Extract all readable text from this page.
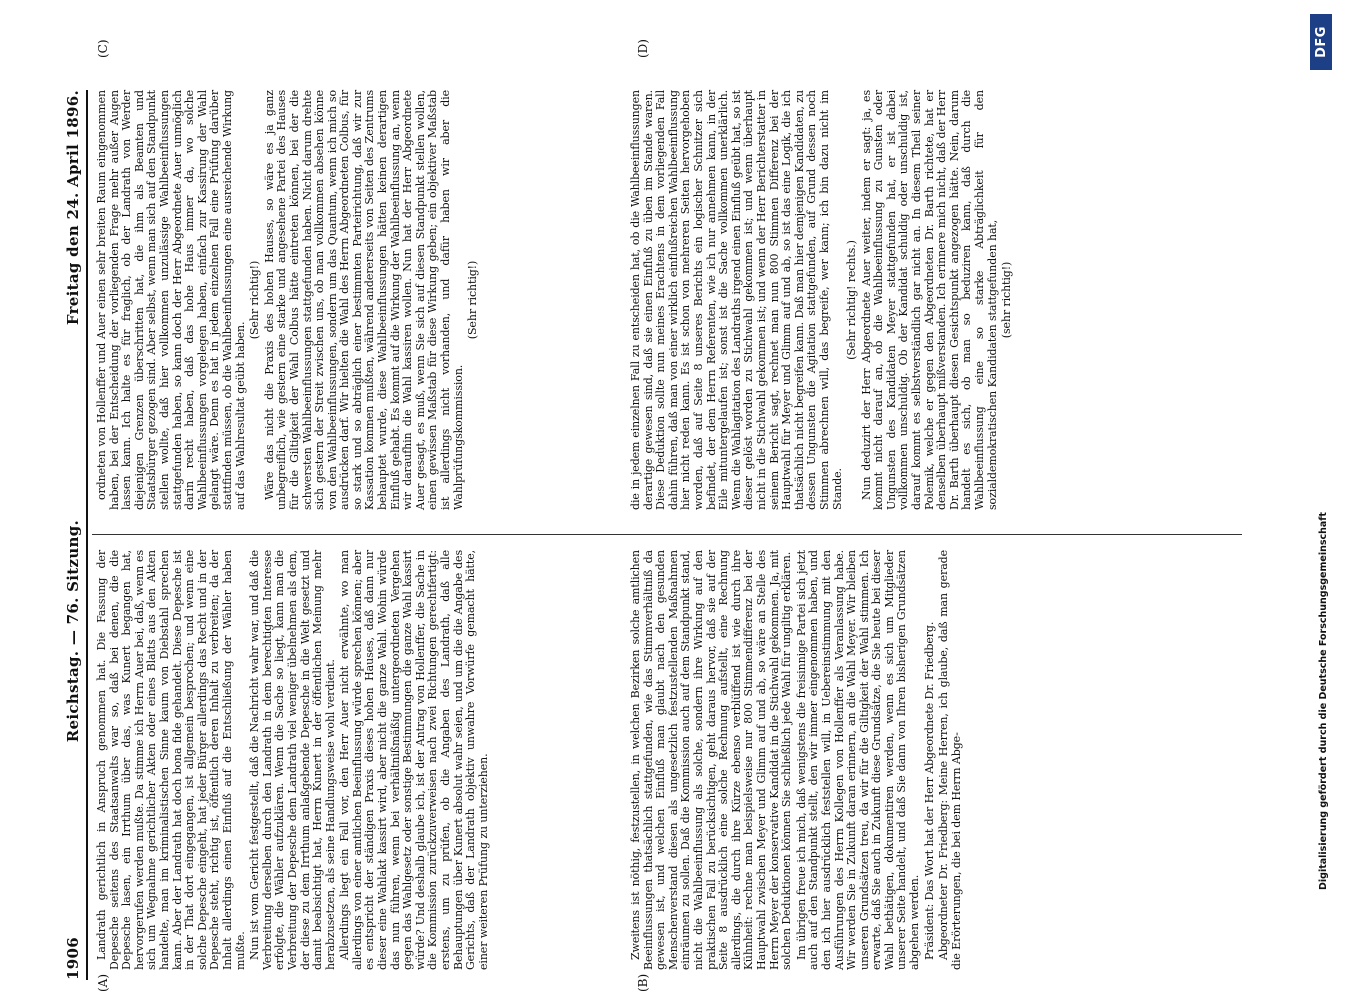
1906
Reichstag. — 76. Sitzung.
Freitag den 24. April 1896.
(A)	(B)
(C)	(D)

Landrath gerichtlich in Anspruch genommen hat. Die Fassung der Depesche seitens des Staatsanwalts war so, daß bei denen, die die Depesche lasen, ein Irrthum über das, was Kunert begangen hat, hervorgerufen werden mußte. Da stimme ich Herrn Auer bei, daß, wenn es sich um Wegnahme gerichtlicher Akten oder eines Blatts aus den Akten handelte, man im kriminalistischen Sinne kaum von Diebstahl sprechen kann. Aber der Landrath hat doch bona fide gehandelt. Diese Depesche ist in der That dort eingegangen, ist allgemein besprochen; und wenn eine solche Depesche eingeht, hat jeder Bürger allerdings das Recht und in der Depesche steht, richtig ist, öffentlich deren Inhalt zu verbreiten; da der Inhalt allerdings einen Einfluß auf die Entschließung der Wähler haben mußte. Nun ist vom Gericht festgestellt, daß die Nachricht wahr war, und daß die Verbreitung derselben durch den Landrath in dem berechtigten Interesse erfolgte, die Wähler aufzuklären. Wenn die Sache so liegt, kann man die Verbreitung der Depesche dem Landrath viel weniger übelnehmen als dem, der diese zu dem Irrthum anlaßgebende Depesche in die Welt gesetzt und damit beabsichtigt hat, Herrn Kunert in der öffentlichen Meinung mehr herabzusetzen, als seine Handlungsweise wohl verdient. Allerdings liegt ein Fall vor, den Herr Auer nicht erwähnte, wo man allerdings von einer amtlichen Beeinflussung würde sprechen können; aber es entspricht der ständigen Praxis dieses hohen Hauses, daß dann nur dieser eine Wahlakt kassirt wird, aber nicht die ganze Wahl. Wohin würde das nun führen, wenn bei verhältnißmäßig untergeordneten Vergehen gegen das Wahlgesetz oder sonstige Bestimmungen die ganze Wahl kassirt würde? Und deshalb glaube ich, ist der Antrag von Hollenffer, die Sache in die Kommission zurückzuverweisen nach zwei Richtungen gerechtfertigt: erstens, um zu prüfen, ob die Angaben des Landrath, daß alle Behauptungen über Kunert absolut wahr seien, und um die die Angabe des Gerichts, daß der Landrath objektiv unwahre Vorwürfe gemacht hätte, einer weiteren Prüfung zu unterziehen.	Zweitens ist nöthig, festzustellen, in welchen Bezirken solche amtlichen Beeinflussungen thatsächlich stattgefunden, wie das Stimmverhältniß da gewesen ist, und welchen Einfluß man glaubt nach den gesunden Menschenverstand diesen als ungesetzlich festzustellenden Maßnahmen einräumen zu sollen. Daß die Kommission auch auf dem Standpunkt stand, nicht die Wahlbeeinflussung als solche, sondern ihre Wirkung auf den praktischen Fall zu berücksichtigen, geht daraus hervor, daß sie auf der Seite 8 ausdrücklich eine solche Rechnung aufstellt, eine Rechnung allerdings, die durch ihre Kürze ebenso verblüffend ist wie durch ihre Kühnheit: rechne man beispielsweise nur 800 Stimmendifferenz bei der Hauptwahl zwischen Meyer und Glimm auf und ab, so wäre an Stelle des Herrn Meyer der konservative Kandidat in die Stichwahl gekommen. Ja, mit solchen Deduktionen können Sie schließlich jede Wahl für ungiltig erklären. Im übrigen freue ich mich, daß wenigstens die freisinnige Partei sich jetzt auch auf den Standpunkt stellt, den wir immer eingenommen haben, und den ich hier ausdrücklich feststellen will, in Uebereinstimmung mit den Ausführungen des Herrn Kollegen von Hollenffer als Veranlassung habe. Wir werden Sie in Zukunft daran erinnern, an die Wahl Meyer. Wir bleiben unseren Grundsätzen treu, da wir für die Giltigkeit der Wahl stimmen. Ich erwarte, daß Sie auch in Zukunft diese Grundsätze, die Sie heute bei dieser Wahl bethätigen, dokumentiren werden, wenn es sich um Mitglieder unserer Seite handelt, und daß Sie dann von Ihren bisherigen Grundsätzen abgehen werden. Präsident: Das Wort hat der Herr Abgeordnete Dr. Friedberg. Abgeordneter Dr. Friedberg: Meine Herren, ich glaube, daß man gerade die Erörterungen, die bei dem Herrn Abge-

ordneten von Hollenffer und Auer einen sehr breiten Raum eingenommen haben, bei der Entscheidung der vorliegenden Frage mehr außer Augen lassen kann. Ich halte es für fraglich, ob der Landrath von Werder diejenigen Grenzen überschritten hat, die ihm als Beamten und Staatsbürger gezogen sind. Aber selbst, wenn man sich auf den Standpunkt stellen wollte, daß hier vollkommen unzulässige Wahlbeeinflussungen stattgefunden haben, so kann doch der Herr Abgeordnete Auer unmöglich darin recht haben, daß das hohe Haus immer da, wo solche Wahlbeeinflussungen vorgelegen haben, einfach zur Kassirung der Wahl gelangt wäre. Denn es hat in jedem einzelnen Fall eine Prüfung darüber stattfinden müssen, ob die Wahlbeeinflussungen eine ausreichende Wirkung auf das Wahlresultat geübt haben.

(Sehr richtig!) Wäre das nicht die Praxis des hohen Hauses, so wäre es ja ganz unbegreiflich, wie gestern eine starke und angesehene Partei des Hauses für die Giltigkeit der Wahl Colbus hätte eintreten können, bei der die schwersten Wahlbeeinflussungen stattgefunden haben. Nicht darum drehte sich gestern der Streit zwischen uns, ob man vollkommen absehen könne von den Wahlbeeinflussungen, sondern um das Quantum, wenn ich mich so ausdrücken darf. Wir hielten die Wahl des Herrn Abgeordneten Colbus, für so stark und so abträglich einer bestimmten Parteirichtung, daß wir zur Kassation kommen mußten, während andererseits von Seiten des Zentrums behauptet wurde, diese Wahlbeeinflussungen hätten keinen derartigen Einfluß gehabt. Es kommt auf die Wirkung der Wahlbeeinflussung an, wenn wir daraufhin die Wahl kassiren wollen. Nun hat der Herr Abgeordnete Auer gesagt, es muß, wenn Sie sich auf diesen Standpunkt stellen wollen, einen gewissen Maßstab für diese Wirkung geben; ein objektiver Maßstab ist allerdings nicht vorhanden, und dafür haben wir aber die Wahlprüfungskommission.

(Sehr richtig!)	die in jedem einzelnen Fall zu entscheiden hat, ob die Wahlbeeinflussungen derartige gewesen sind, daß sie einen Einfluß zu üben im Stande waren. Diese Deduktion sollte nun meines Erachtens in dem vorliegenden Fall dahin führen, daß man von einer wirklich einflußreichen Wahlbeeinflussung hier nicht reden kann. Es ist schon von mehreren Seiten hervorgehoben worden, daß auf Seite 8 unseres Berichts ein logischer Schnitzer sich befindet, der dem Herrn Referenten, wie ich nur annehmen kann, in der Eile mituntergelaufen ist; sonst ist die Sache vollkommen unerklärlich. Wenn die Wahlagitation des Landraths irgend einen Einfluß geübt hat, so ist dieser gelöst worden zu Stichwahl gekommen ist; und wenn überhaupt nicht in die Stichwahl gekommen ist; und wenn der Herr Berichterstatter in seinem Bericht sagt, rechnet man nun 800 Stimmen Differenz bei der Hauptwahl für Meyer und Glimm auf und ab, so ist das eine Logik, die ich thatsächlich nicht begreifen kann. Daß man hier demjenigen Kandidaten, zu dessen Ungunsten die Agitation stattgefunden, auf Grund dessen noch Stimmen abrechnen will, das begreife, wer kann; ich bin dazu nicht im Stande.

(Sehr richtig! rechts.) Nun deduzirt der Herr Abgeordnete Auer weiter, indem er sagt: ja, es kommt nicht darauf an, ob die Wahlbeeinflussung zu Gunsten oder Ungunsten des Kandidaten Meyer stattgefunden hat, er ist dabei vollkommen unschuldig. Ob der Kandidat schuldig oder unschuldig ist, darauf kommt es selbstverständlich gar nicht an. In diesem Theil seiner Polemik, welche er gegen den Abgeordneten Dr. Barth richtete, hat er denselben überhaupt mißverstanden. Ich erinnere mich nicht, daß der Herr Dr. Barth überhaupt diesen Gesichtspunkt angezogen hätte. Nein, darum handelt es sich, ob man so beduziren kann, daß durch die Wahlbeeinflussung eine so starke Abträglichkeit für den sozialdemokratischen Kandidaten stattgefunden hat, (sehr richtig!)

Digitalisierung gefördert durch die Deutsche Forschungsgemeinschaft
DFG
